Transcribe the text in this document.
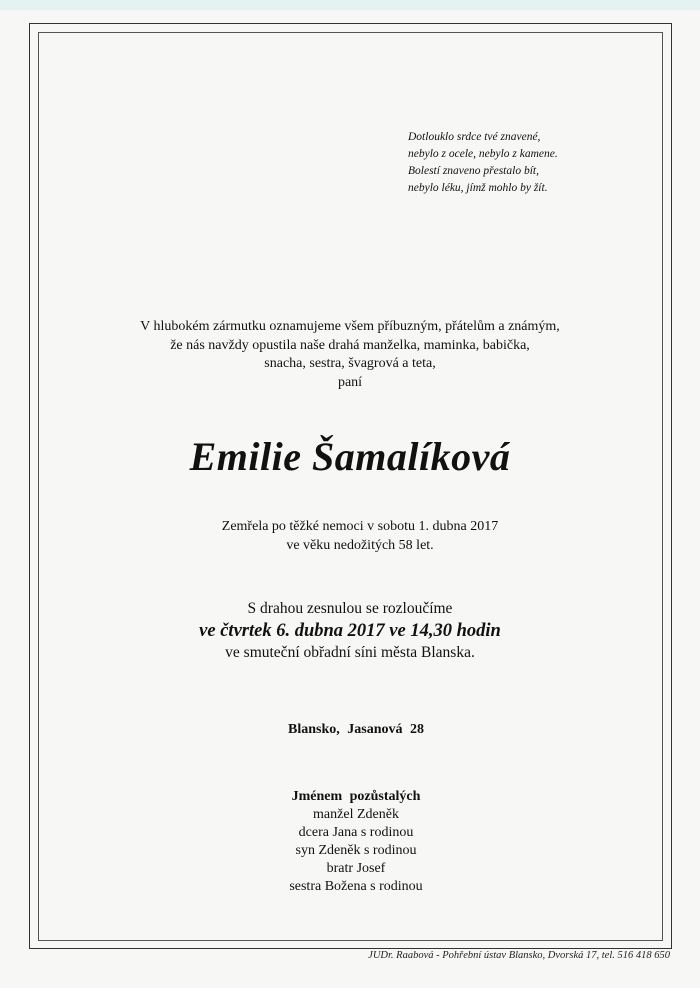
Dotlouklo srdce tvé znavené,
nebylo z ocele, nebylo z kamene.
Bolestí znaveno přestalo bít,
nebylo léku, jímž mohlo by žít.
V hlubokém zármutku oznamujeme všem příbuzným, přátelům a známým,
že nás navždy opustila naše drahá manželka, maminka, babička,
snacha, sestra, švagrová a teta,
paní
Emilie Šamalíková
Zemřela po těžké nemoci v sobotu 1. dubna 2017
ve věku nedožitých 58 let.
S drahou zesnulou se rozloučíme
ve čtvrtek 6. dubna 2017 ve 14,30 hodin
ve smuteční obřadní síni města Blanska.
Blansko, Jasanová 28
Jménem pozůstalých
manžel Zdeněk
dcera Jana s rodinou
syn Zdeněk s rodinou
bratr Josef
sestra Božena s rodinou
JUDr. Raabová - Pohřební ústav Blansko, Dvorská 17, tel. 516 418 650
